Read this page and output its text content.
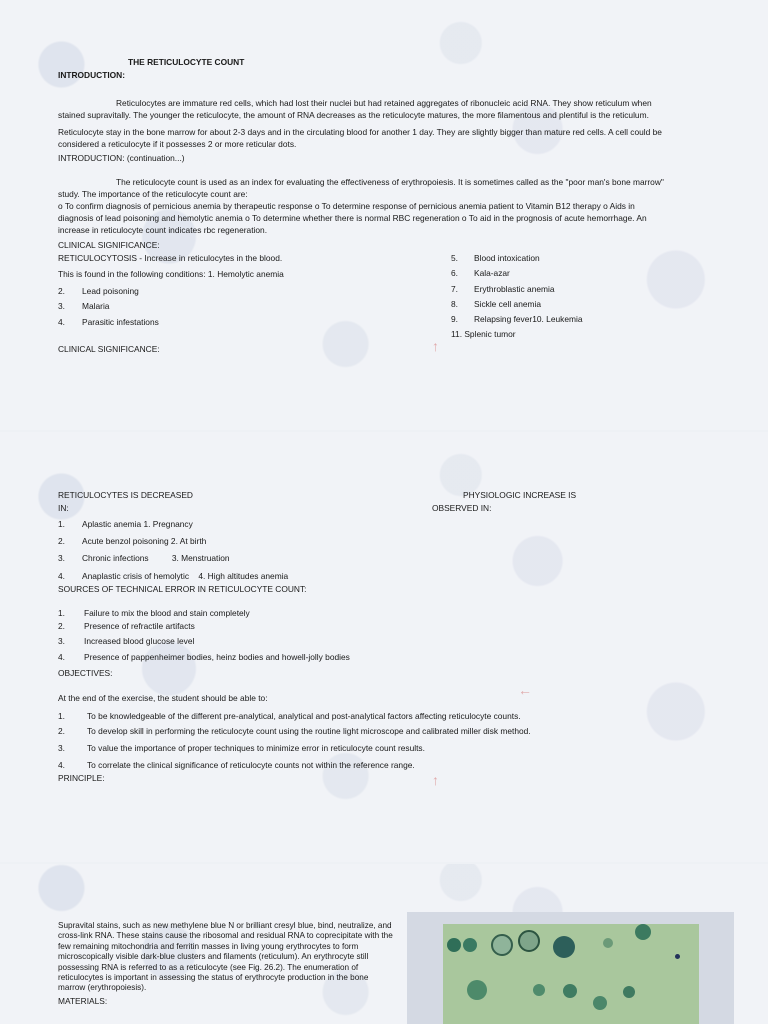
↑
THE RETICULOCYTE COUNT
INTRODUCTION:
Reticulocytes are immature red cells, which had lost their nuclei but had retained aggregates of ribonucleic acid RNA. They show reticulum when
stained supravitally. The younger the reticulocyte, the amount of RNA decreases as the reticulocyte matures, the more filamentous and plentiful is the reticulum.
Reticulocyte stay in the bone marrow for about 2-3 days and in the circulating blood for another 1 day. They are slightly bigger than mature red cells. A cell could be
considered a reticulocyte if it possesses 2 or more reticular dots.
INTRODUCTION: (continuation...)
The reticulocyte count is used as an index for evaluating the effectiveness of erythropoiesis. It is sometimes called as the "poor man's bone marrow"
study. The importance of the reticulocyte count are:
o To confirm diagnosis of pernicious anemia by therapeutic response o To determine response of pernicious anemia patient to Vitamin B12 therapy o Aids in
diagnosis of lead poisoning and hemolytic anemia o To determine whether there is normal RBC regeneration o To aid in the prognosis of acute hemorrhage. An
increase in reticulocyte count indicates rbc regeneration.
CLINICAL SIGNIFICANCE:
RETICULOCYTOSIS - Increase in reticulocytes in the blood.
This is found in the following conditions: 1. Hemolytic anemia
2. Lead poisoning
3. Malaria
4. Parasitic infestations
5. Blood intoxication
6. Kala-azar
7. Erythroblastic anemia
8. Sickle cell anemia
9. Relapsing fever10. Leukemia
11. Splenic tumor
CLINICAL SIGNIFICANCE:
←
↑
RETICULOCYTES IS DECREASED
IN:
PHYSIOLOGIC INCREASE IS
OBSERVED IN:
1. Aplastic anemia 1. Pregnancy
2. Acute benzol poisoning 2. At birth
3. Chronic infections          3. Menstruation
4. Anaplastic crisis of hemolytic    4. High altitudes anemia
SOURCES OF TECHNICAL ERROR IN RETICULOCYTE COUNT:
1. Failure to mix the blood and stain completely
2. Presence of refractile artifacts
3. Increased blood glucose level
4. Presence of pappenheimer bodies, heinz bodies and howell-jolly bodies
OBJECTIVES:
At the end of the exercise, the student should be able to:
1.	To be knowledgeable of the different pre-analytical, analytical and post-analytical factors affecting reticulocyte counts.
2.	To develop skill in performing the reticulocyte count using the routine light microscope and calibrated miller disk method.
3.	To value the importance of proper techniques to minimize error in reticulocyte count results.
4.	To correlate the clinical significance of reticulocyte counts not within the reference range.
PRINCIPLE:
Supravital stains, such as new methylene blue N or brilliant cresyl blue, bind, neutralize, and cross-link RNA. These stains cause the ribosomal and residual RNA to coprecipitate with the few remaining mitochondria and ferritin masses in living young erythrocytes to form microscopically visible dark-blue clusters and filaments (reticulum). An erythrocyte still possessing RNA is referred to as a reticulocyte (see Fig. 26.2). The enumeration of reticulocytes is important in assessing the status of erythrocyte production in the bone marrow (erythropoiesis).
MATERIALS:
